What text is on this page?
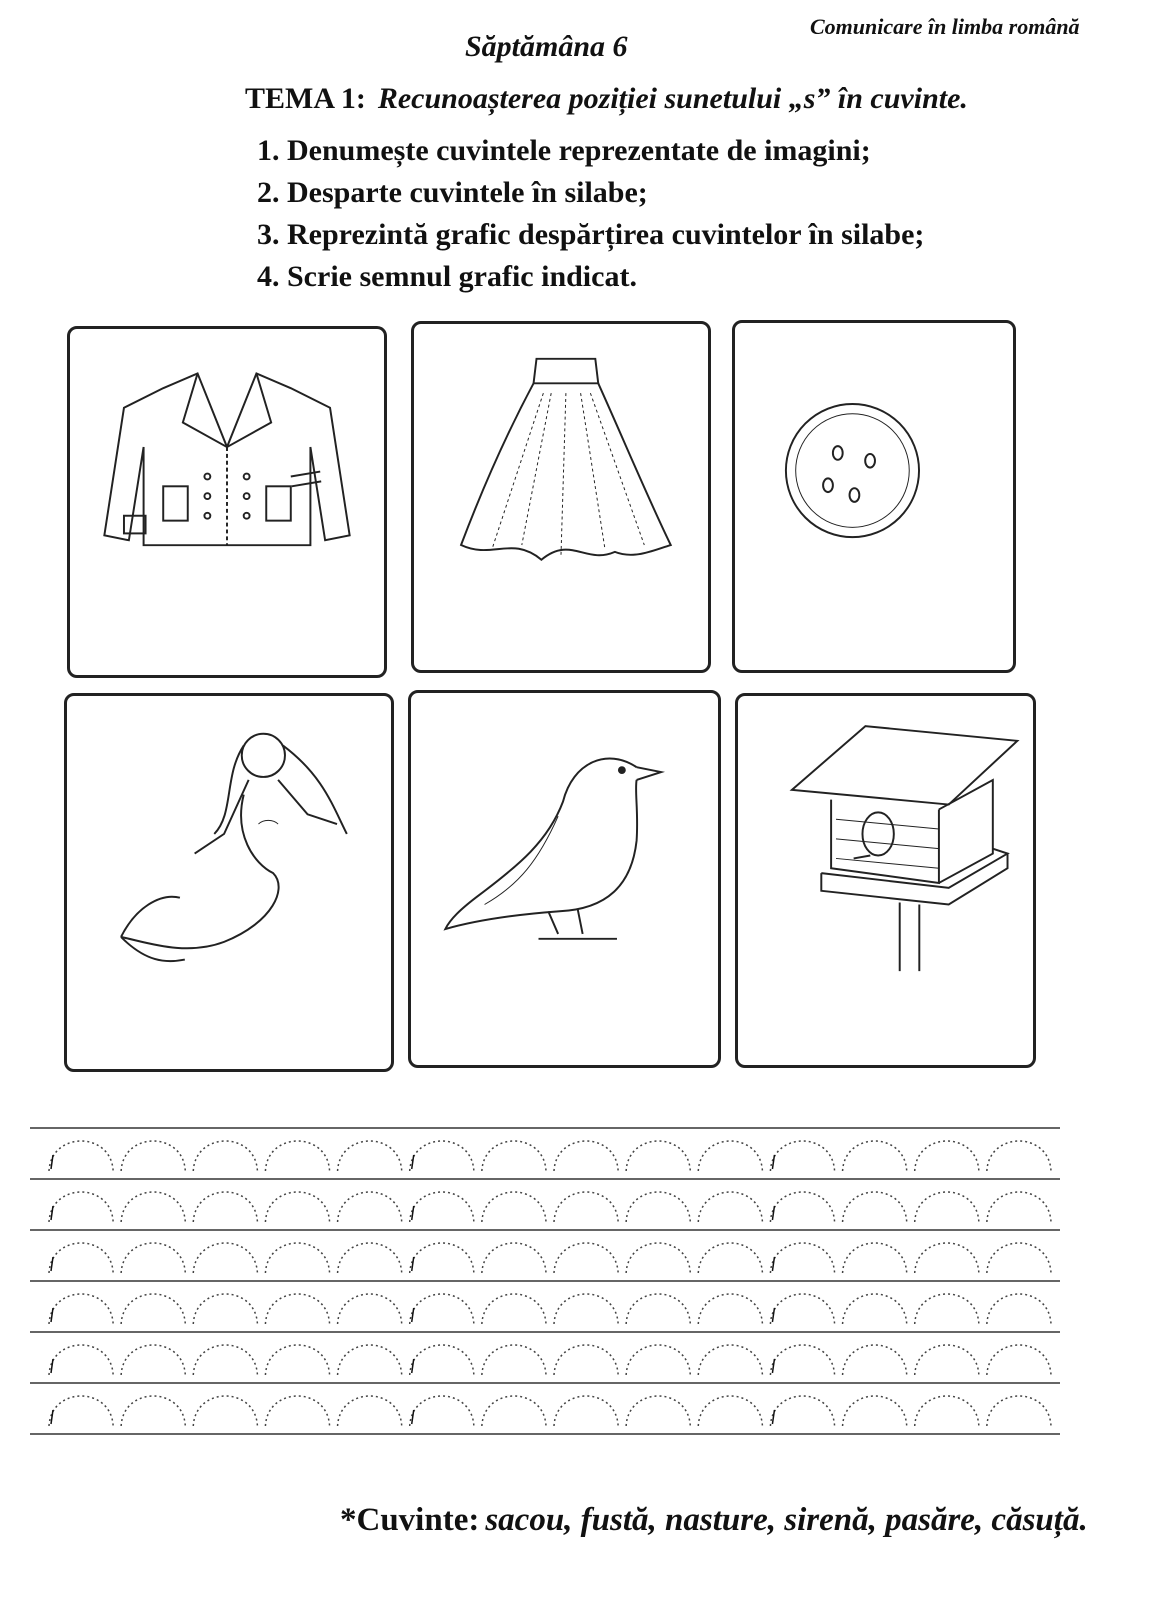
Comunicare în limba română
Săptămâna 6
TEMA 1: Recunoașterea poziției sunetului „s” în cuvinte.
1. Denumește cuvintele reprezentate de imagini;
2. Desparte cuvintele în silabe;
3. Reprezintă grafic despărțirea cuvintelor în silabe;
4. Scrie semnul grafic indicat.
*Cuvinte: sacou, fustă, nasture, sirenă, pasăre, căsuță.
